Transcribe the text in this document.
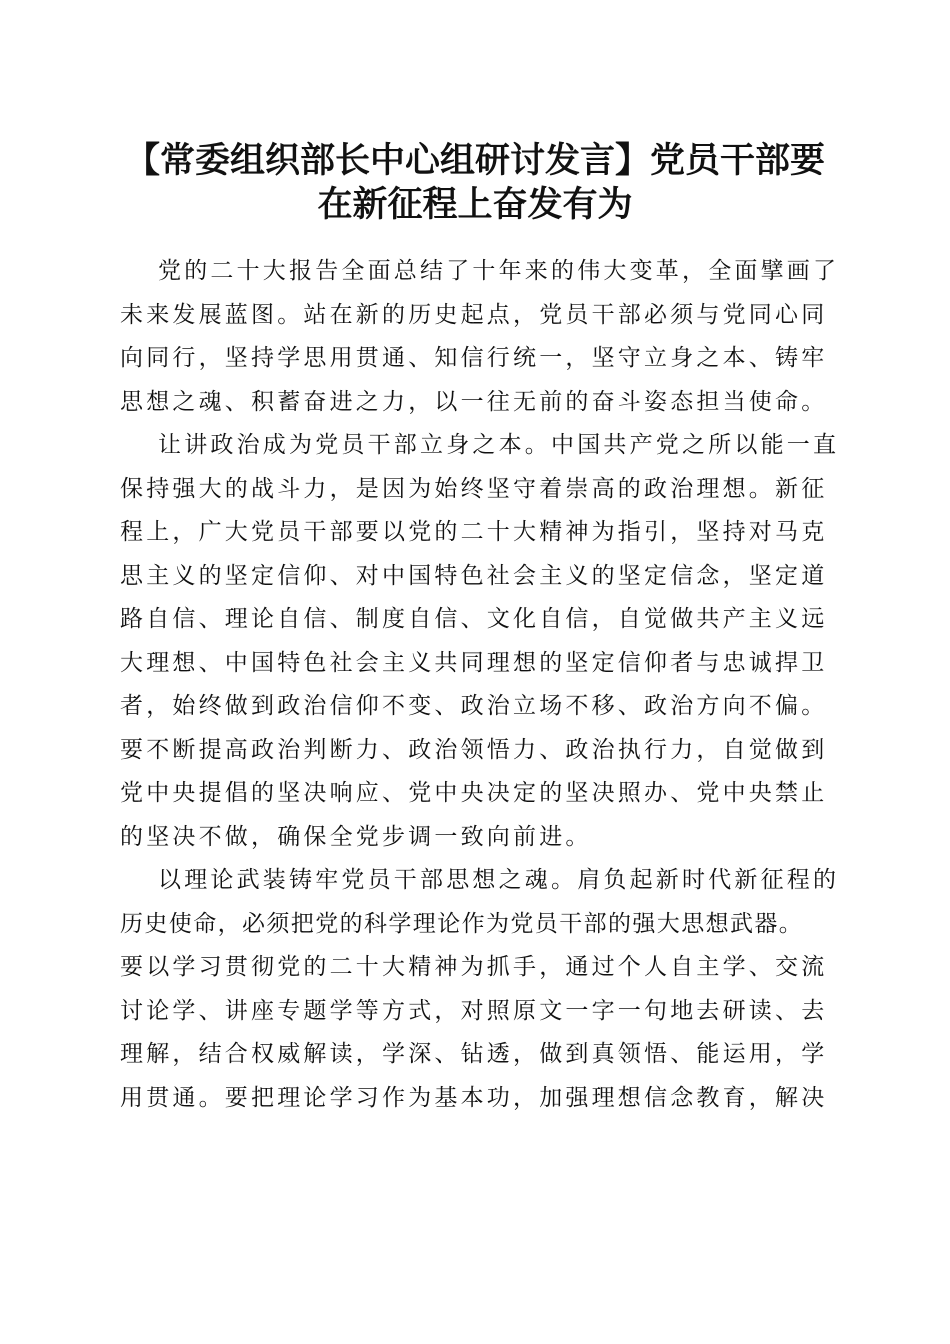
【常委组织部长中心组研讨发言】党员干部要
在新征程上奋发有为

党的二十大报告全面总结了十年来的伟大变革，全面擘画了
未来发展蓝图。站在新的历史起点，党员干部必须与党同心同
向同行，坚持学思用贯通、知信行统一，坚守立身之本、铸牢
思想之魂、积蓄奋进之力，以一往无前的奋斗姿态担当使命。

让讲政治成为党员干部立身之本。中国共产党之所以能一直
保持强大的战斗力，是因为始终坚守着崇高的政治理想。新征
程上，广大党员干部要以党的二十大精神为指引，坚持对马克
思主义的坚定信仰、对中国特色社会主义的坚定信念，坚定道
路自信、理论自信、制度自信、文化自信，自觉做共产主义远
大理想、中国特色社会主义共同理想的坚定信仰者与忠诚捍卫
者，始终做到政治信仰不变、政治立场不移、政治方向不偏。
要不断提高政治判断力、政治领悟力、政治执行力，自觉做到
党中央提倡的坚决响应、党中央决定的坚决照办、党中央禁止
的坚决不做，确保全党步调一致向前进。

以理论武装铸牢党员干部思想之魂。肩负起新时代新征程的
历史使命，必须把党的科学理论作为党员干部的强大思想武器。
要以学习贯彻党的二十大精神为抓手，通过个人自主学、交流
讨论学、讲座专题学等方式，对照原文一字一句地去研读、去
理解，结合权威解读，学深、钻透，做到真领悟、能运用，学
用贯通。要把理论学习作为基本功，加强理想信念教育，解决
